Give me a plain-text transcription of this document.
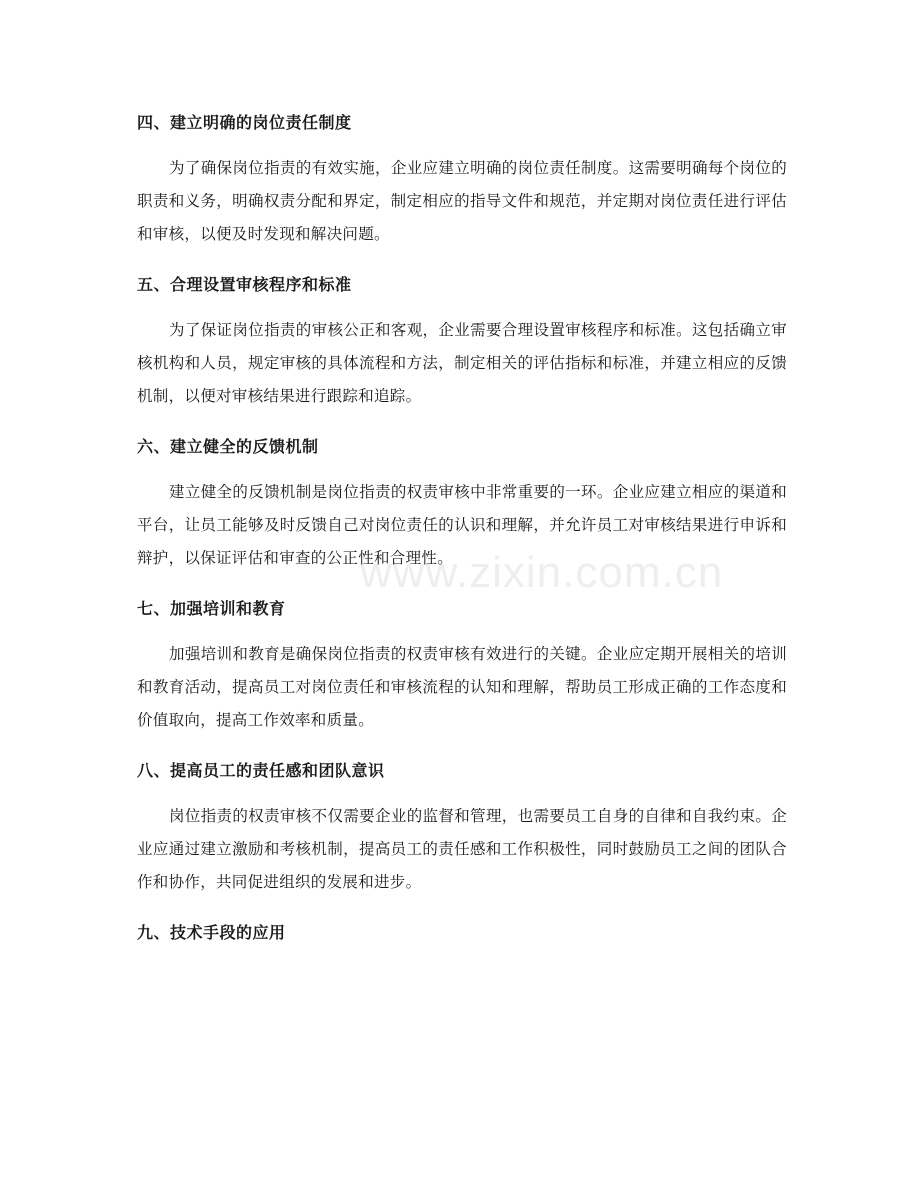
四、建立明确的岗位责任制度

为了确保岗位指责的有效实施，企业应建立明确的岗位责任制度。这需要明确每个岗位的职责和义务，明确权责分配和界定，制定相应的指导文件和规范，并定期对岗位责任进行评估和审核，以便及时发现和解决问题。

五、合理设置审核程序和标准

为了保证岗位指责的审核公正和客观，企业需要合理设置审核程序和标准。这包括确立审核机构和人员，规定审核的具体流程和方法，制定相关的评估指标和标准，并建立相应的反馈机制，以便对审核结果进行跟踪和追踪。

六、建立健全的反馈机制

建立健全的反馈机制是岗位指责的权责审核中非常重要的一环。企业应建立相应的渠道和平台，让员工能够及时反馈自己对岗位责任的认识和理解，并允许员工对审核结果进行申诉和辩护，以保证评估和审查的公正性和合理性。

七、加强培训和教育

加强培训和教育是确保岗位指责的权责审核有效进行的关键。企业应定期开展相关的培训和教育活动，提高员工对岗位责任和审核流程的认知和理解，帮助员工形成正确的工作态度和价值取向，提高工作效率和质量。

八、提高员工的责任感和团队意识

岗位指责的权责审核不仅需要企业的监督和管理，也需要员工自身的自律和自我约束。企业应通过建立激励和考核机制，提高员工的责任感和工作积极性，同时鼓励员工之间的团队合作和协作，共同促进组织的发展和进步。

九、技术手段的应用
www.zixin.com.cn
